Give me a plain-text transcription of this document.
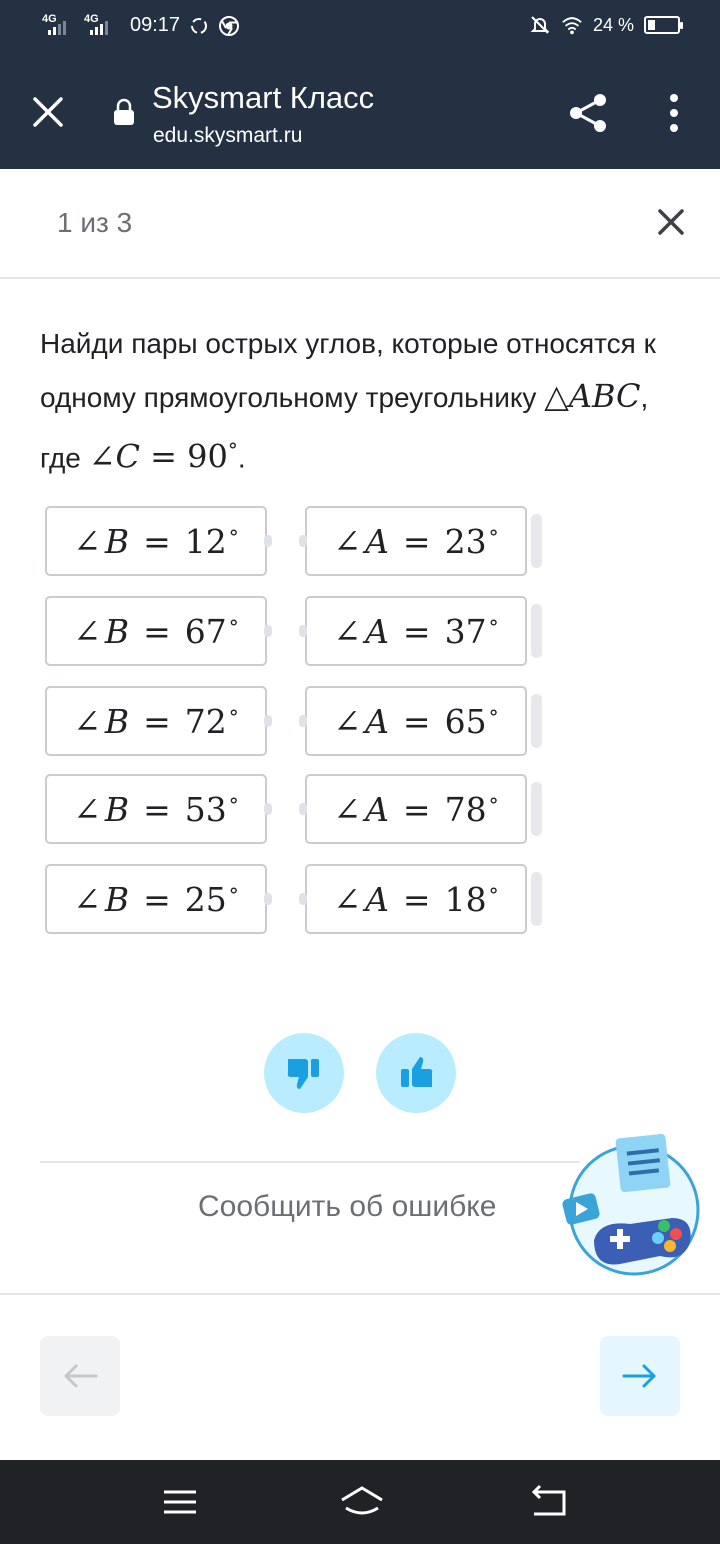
4G 4G 09:17	24 %
Skysmart Класс
edu.skysmart.ru
1 из 3
Найди пары острых углов, которые относятся к одному прямоугольному треугольнику △ABC, где ∠C = 90°.
∠ B = 12°	∠ A = 23°
∠ B = 67°	∠ A = 37°
∠ B = 72°	∠ A = 65°
∠ B = 53°	∠ A = 78°
∠ B = 25°	∠ A = 18°
Сообщить об ошибке
